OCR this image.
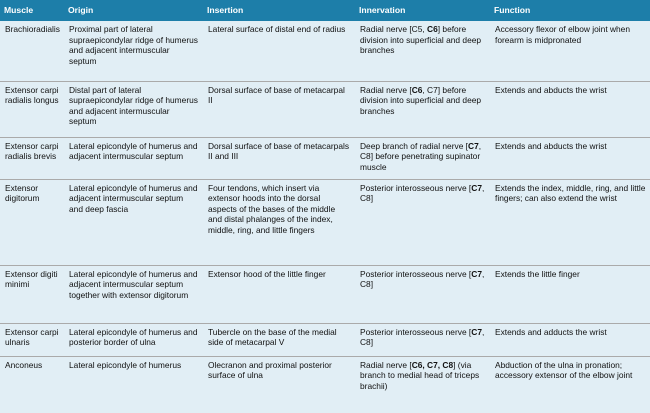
Muscle	Origin	Insertion	Innervation	Function
Brachioradialis	Proximal part of lateral supraepicondylar ridge of humerus and adjacent intermuscular septum	Lateral surface of distal end of radius	Radial nerve [C5, C6] before division into superficial and deep branches	Accessory flexor of elbow joint when forearm is midpronated
Extensor carpi radialis longus	Distal part of lateral supraepicondylar ridge of humerus and adjacent intermuscular septum	Dorsal surface of base of metacarpal II	Radial nerve [C6, C7] before division into superficial and deep branches	Extends and abducts the wrist
Extensor carpi radialis brevis	Lateral epicondyle of humerus and adjacent intermuscular septum	Dorsal surface of base of metacarpals II and III	Deep branch of radial nerve [C7, C8] before penetrating supinator muscle	Extends and abducts the wrist
Extensor digitorum	Lateral epicondyle of humerus and adjacent intermuscular septum and deep fascia	Four tendons, which insert via extensor hoods into the dorsal aspects of the bases of the middle and distal phalanges of the index, middle, ring, and little fingers	Posterior interosseous nerve [C7, C8]	Extends the index, middle, ring, and little fingers; can also extend the wrist
Extensor digiti minimi	Lateral epicondyle of humerus and adjacent intermuscular septum together with extensor digitorum	Extensor hood of the little finger	Posterior interosseous nerve [C7, C8]	Extends the little finger
Extensor carpi ulnaris	Lateral epicondyle of humerus and posterior border of ulna	Tubercle on the base of the medial side of metacarpal V	Posterior interosseous nerve [C7, C8]	Extends and adducts the wrist
Anconeus	Lateral epicondyle of humerus	Olecranon and proximal posterior surface of ulna	Radial nerve [C6, C7, C8] (via branch to medial head of triceps brachii)	Abduction of the ulna in pronation; accessory extensor of the elbow joint
